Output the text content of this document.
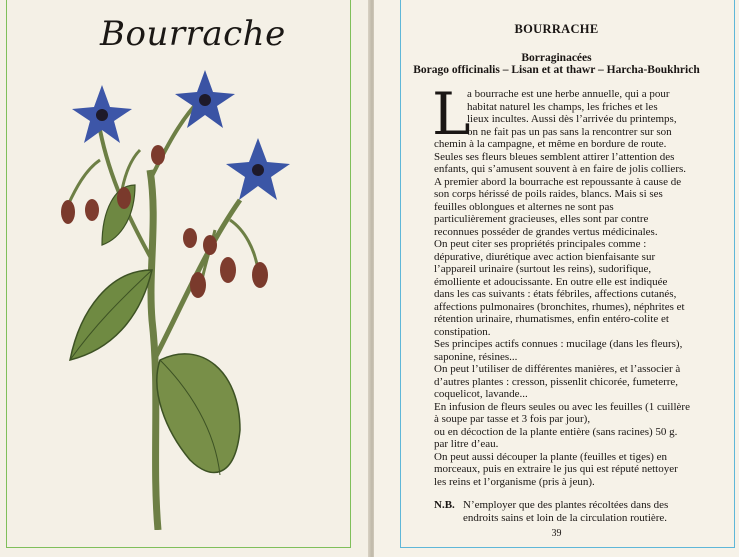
Bourrache	BOURRACHE
Borraginacées
Borago officinalis – Lisan et at thawr – Harcha-Boukhrich
L
a bourrache est une herbe annuelle, qui a pour
habitat naturel les champs, les friches et les
lieux incultes. Aussi dès l’arrivée du printemps,
on ne fait pas un pas sans la rencontrer sur son
chemin à la campagne, et même en bordure de route.
Seules ses fleurs bleues semblent attirer l’attention des
enfants, qui s’amusent souvent à en faire de jolis colliers.
A premier abord la bourrache est repoussante à cause de
son corps hérissé de poils raides, blancs. Mais si ses
feuilles oblongues et alternes ne sont pas
particulièrement gracieuses, elles sont par contre
reconnues posséder de grandes vertus médicinales.
On peut citer ses propriétés principales comme :
dépurative, diurétique avec action bienfaisante sur
l’appareil urinaire (surtout les reins), sudorifique,
émolliente et adoucissante. En outre elle est indiquée
dans les cas suivants : états fébriles, affections cutanés,
affections pulmonaires (bronchites, rhumes), néphrites et
rétention urinaire, rhumatismes, enfin entéro-colite et
constipation.
Ses principes actifs connues : mucilage (dans les fleurs),
saponine, résines...
On peut l’utiliser de différentes manières, et l’associer à
d’autres plantes : cresson, pissenlit chicorée, fumeterre,
coquelicot, lavande...
En infusion de fleurs seules ou avec les feuilles (1 cuillère
à soupe par tasse et 3 fois par jour),
ou en décoction de la plante entière (sans racines) 50 g.
par litre d’eau.
On peut aussi découper la plante (feuilles et tiges) en
morceaux, puis en extraire le jus qui est réputé nettoyer
les reins et l’organisme (pris à jeun).
N.B. N’employer que des plantes récoltées dans des
endroits sains et loin de la circulation routière.
39
